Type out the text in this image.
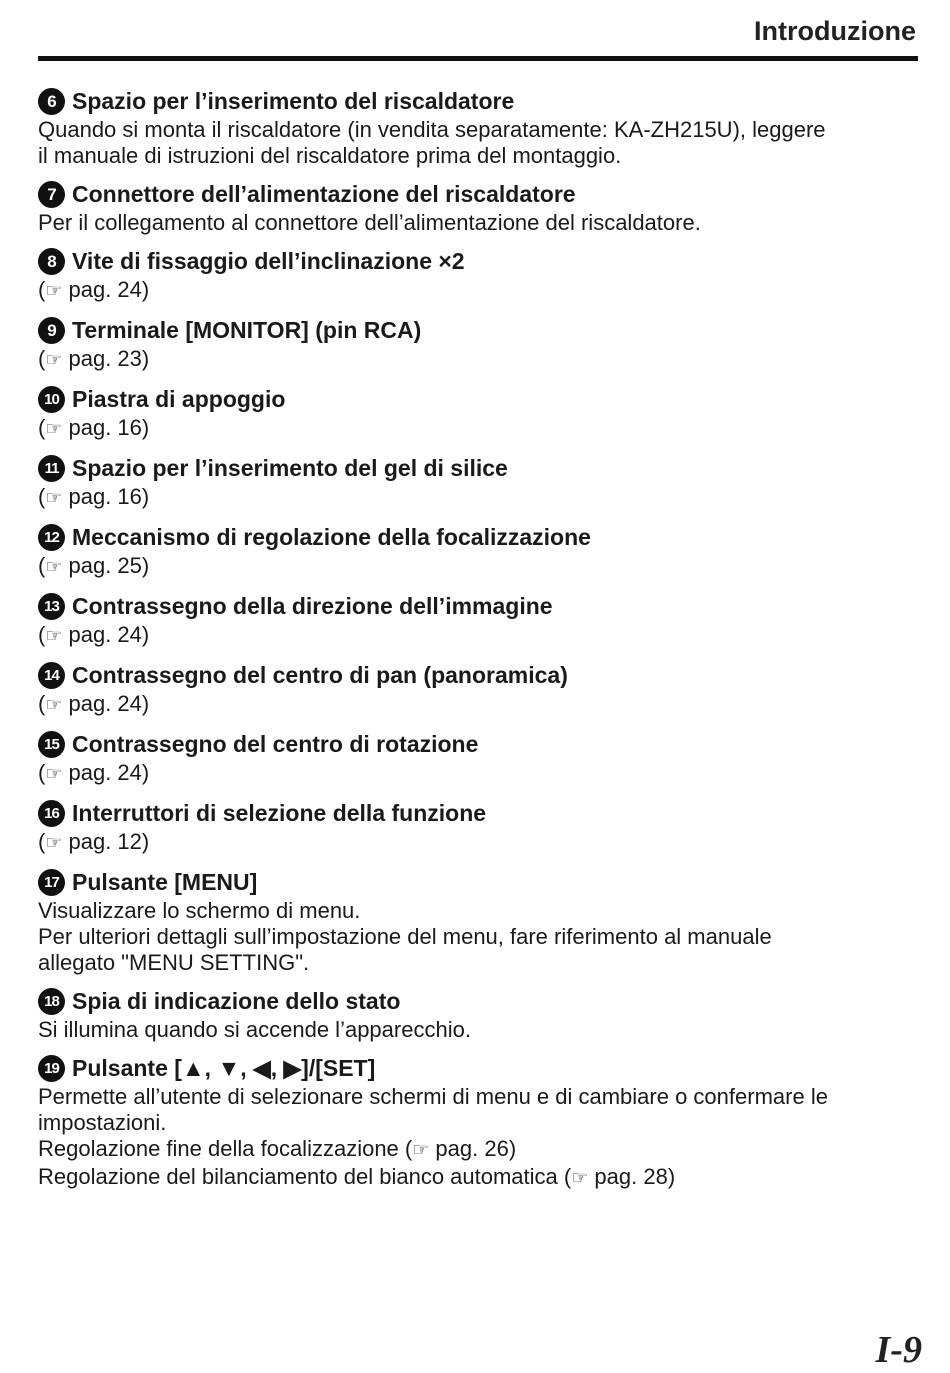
Introduzione
6 Spazio per l’inserimento del riscaldatore
Quando si monta il riscaldatore (in vendita separatamente: KA-ZH215U), leggere
il manuale di istruzioni del riscaldatore prima del montaggio.
7 Connettore dell’alimentazione del riscaldatore
Per il collegamento al connettore dell’alimentazione del riscaldatore.
8 Vite di fissaggio dell’inclinazione ×2
(☞ pag. 24)
9 Terminale [MONITOR] (pin RCA)
(☞ pag. 23)
10 Piastra di appoggio
(☞ pag. 16)
11 Spazio per l’inserimento del gel di silice
(☞ pag. 16)
12 Meccanismo di regolazione della focalizzazione
(☞ pag. 25)
13 Contrassegno della direzione dell’immagine
(☞ pag. 24)
14 Contrassegno del centro di pan (panoramica)
(☞ pag. 24)
15 Contrassegno del centro di rotazione
(☞ pag. 24)
16 Interruttori di selezione della funzione
(☞ pag. 12)
17 Pulsante [MENU]
Visualizzare lo schermo di menu.
Per ulteriori dettagli sull’impostazione del menu, fare riferimento al manuale
allegato "MENU SETTING".
18 Spia di indicazione dello stato
Si illumina quando si accende l’apparecchio.
19 Pulsante [▲, ▼, ◀, ▶]/[SET]
Permette all’utente di selezionare schermi di menu e di cambiare o confermare le
impostazioni.
Regolazione fine della focalizzazione (☞ pag. 26)
Regolazione del bilanciamento del bianco automatica (☞ pag. 28)
I-9
